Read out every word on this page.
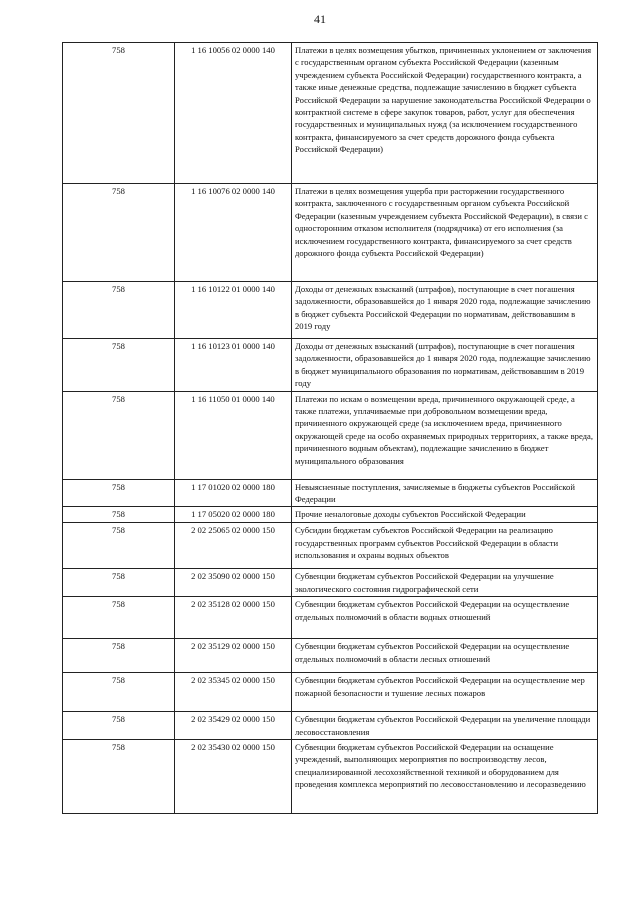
41
758	1 16 10056 02 0000 140	Платежи в целях возмещения убытков, причиненных уклонением от заключения с государственным органом субъекта Российской Федерации (казенным учреждением субъекта Российской Федерации) государственного контракта, а также иные денежные средства, подлежащие зачислению в бюджет субъекта Российской Федерации за нарушение законодательства Российской Федерации о контрактной системе в сфере закупок товаров, работ, услуг для обеспечения государственных и муниципальных нужд (за исключением государственного контракта, финансируемого за счет средств дорожного фонда субъекта Российской Федерации)
758	1 16 10076 02 0000 140	Платежи в целях возмещения ущерба при расторжении государственного контракта, заключенного с государственным органом субъекта Российской Федерации (казенным учреждением субъекта Российской Федерации), в связи с односторонним отказом исполнителя (подрядчика) от его исполнения (за исключением государственного контракта, финансируемого за счет средств дорожного фонда субъекта Российской Федерации)
758	1 16 10122 01 0000 140	Доходы от денежных взысканий (штрафов), поступающие в счет погашения задолженности, образовавшейся до 1 января 2020 года, подлежащие зачислению в бюджет субъекта Российской Федерации по нормативам, действовавшим в 2019 году
758	1 16 10123 01 0000 140	Доходы от денежных взысканий (штрафов), поступающие в счет погашения задолженности, образовавшейся до 1 января 2020 года, подлежащие зачислению в бюджет муниципального образования по нормативам, действовавшим в 2019 году
758	1 16 11050 01 0000 140	Платежи по искам о возмещении вреда, причиненного окружающей среде, а также платежи, уплачиваемые при добровольном возмещении вреда, причиненного окружающей среде (за исключением вреда, причиненного окружающей среде на особо охраняемых природных территориях, а также вреда, причиненного водным объектам), подлежащие зачислению в бюджет муниципального образования
758	1 17 01020 02 0000 180	Невыясненные поступления, зачисляемые в бюджеты субъектов Российской Федерации
758	1 17 05020 02 0000 180	Прочие неналоговые доходы субъектов Российской Федерации
758	2 02 25065 02 0000 150	Субсидии бюджетам субъектов Российской Федерации на реализацию государственных программ субъектов Российской Федерации в области использования и охраны водных объектов
758	2 02 35090 02 0000 150	Субвенции бюджетам субъектов Российской Федерации на улучшение экологического состояния гидрографической сети
758	2 02 35128 02 0000 150	Субвенции бюджетам субъектов Российской Федерации на осуществление отдельных полномочий в области водных отношений
758	2 02 35129 02 0000 150	Субвенции бюджетам субъектов Российской Федерации на осуществление отдельных полномочий в области лесных отношений
758	2 02 35345 02 0000 150	Субвенции бюджетам субъектов Российской Федерации на осуществление мер пожарной безопасности и тушение лесных пожаров
758	2 02 35429 02 0000 150	Субвенции бюджетам субъектов Российской Федерации на увеличение площади лесовосстановления
758	2 02 35430 02 0000 150	Субвенции бюджетам субъектов Российской Федерации на оснащение учреждений, выполняющих мероприятия по воспроизводству лесов, специализированной лесохозяйственной техникой и оборудованием для проведения комплекса мероприятий по лесовосстановлению и лесоразведению
